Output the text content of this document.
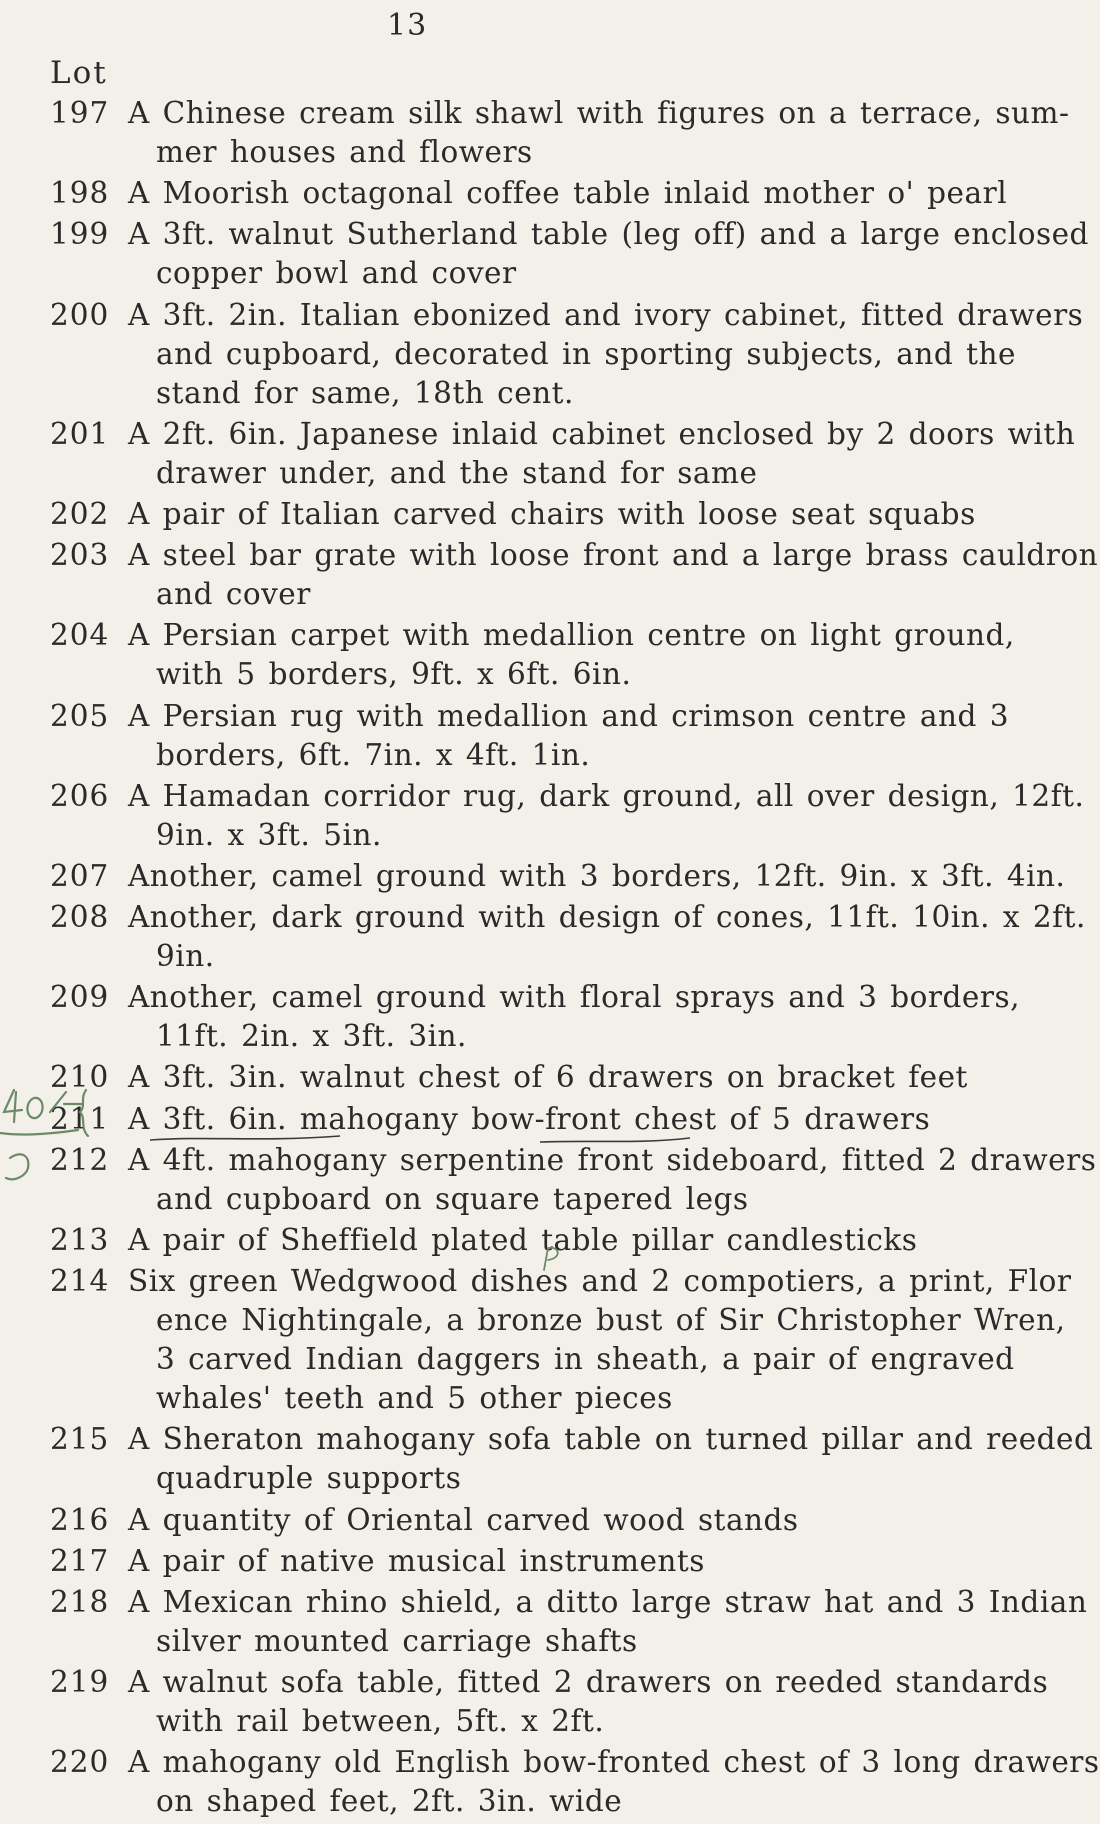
13
Lot
197 A Chinese cream silk shawl with figures on a terrace, sum-
mer houses and flowers
198 A Moorish octagonal coffee table inlaid mother o' pearl
199 A 3ft. walnut Sutherland table (leg off) and a large enclosed
copper bowl and cover
200 A 3ft. 2in. Italian ebonized and ivory cabinet, fitted drawers
and cupboard, decorated in sporting subjects, and the
stand for same, 18th cent.
201 A 2ft. 6in. Japanese inlaid cabinet enclosed by 2 doors with
drawer under, and the stand for same
202 A pair of Italian carved chairs with loose seat squabs
203 A steel bar grate with loose front and a large brass cauldron
and cover
204 A Persian carpet with medallion centre on light ground,
with 5 borders, 9ft. x 6ft. 6in.
205 A Persian rug with medallion and crimson centre and 3
borders, 6ft. 7in. x 4ft. 1in.
206 A Hamadan corridor rug, dark ground, all over design, 12ft.
9in. x 3ft. 5in.
207 Another, camel ground with 3 borders, 12ft. 9in. x 3ft. 4in.
208 Another, dark ground with design of cones, 11ft. 10in. x 2ft.
9in.
209 Another, camel ground with floral sprays and 3 borders,
11ft. 2in. x 3ft. 3in.
210 A 3ft. 3in. walnut chest of 6 drawers on bracket feet
211 A 3ft. 6in. mahogany bow-front chest of 5 drawers
212 A 4ft. mahogany serpentine front sideboard, fitted 2 drawers
and cupboard on square tapered legs
213 A pair of Sheffield plated table pillar candlesticks
214 Six green Wedgwood dishes and 2 compotiers, a print, Flor
ence Nightingale, a bronze bust of Sir Christopher Wren,
3 carved Indian daggers in sheath, a pair of engraved
whales' teeth and 5 other pieces
215 A Sheraton mahogany sofa table on turned pillar and reeded
quadruple supports
216 A quantity of Oriental carved wood stands
217 A pair of native musical instruments
218 A Mexican rhino shield, a ditto large straw hat and 3 Indian
silver mounted carriage shafts
219 A walnut sofa table, fitted 2 drawers on reeded standards
with rail between, 5ft. x 2ft.
220 A mahogany old English bow-fronted chest of 3 long drawers
on shaped feet, 2ft. 3in. wide
